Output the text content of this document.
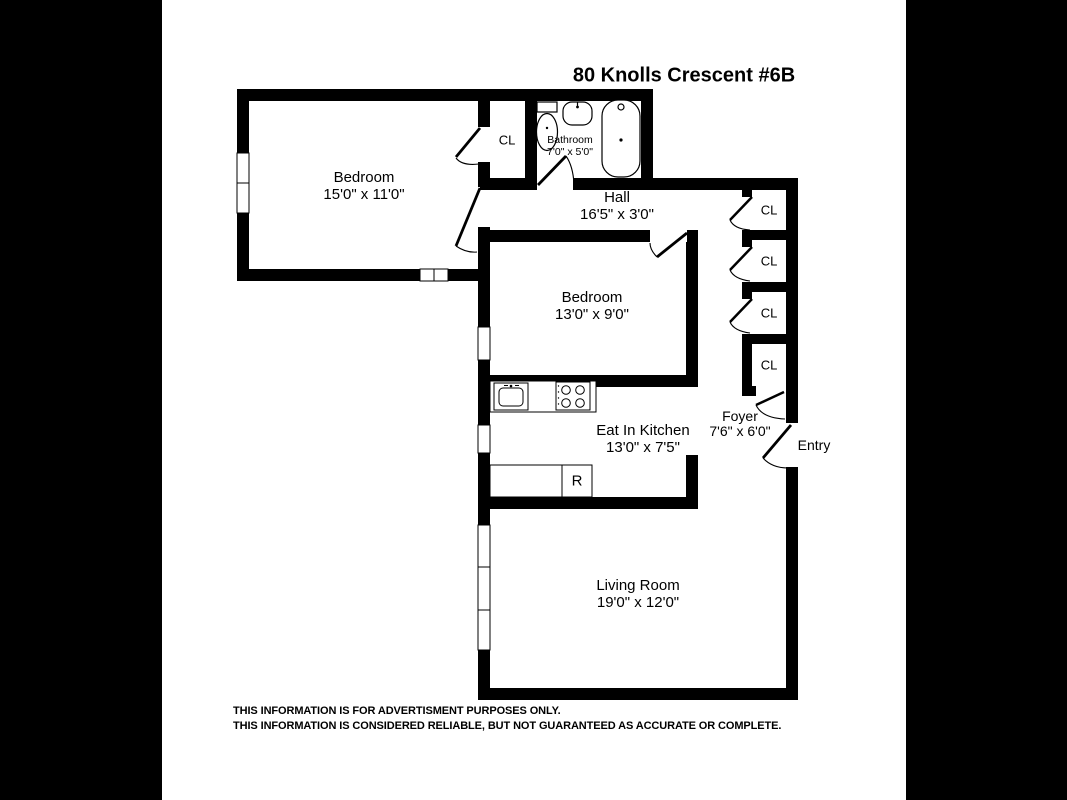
80 Knolls Crescent #6B
Bedroom
15'0" x 11'0"
CL	Bathroom
7'0" x 5'0"
Hall
16'5" x 3'0"
Bedroom
13'0" x 9'0"
Eat In Kitchen
13'0" x 7'5"
Foyer
7'6" x 6'0"
Living Room
19'0" x 12'0"
CL
CL
CL
CL
Entry
R
THIS INFORMATION IS FOR ADVERTISMENT PURPOSES ONLY.
THIS INFORMATION IS CONSIDERED RELIABLE, BUT NOT GUARANTEED AS ACCURATE OR COMPLETE.
